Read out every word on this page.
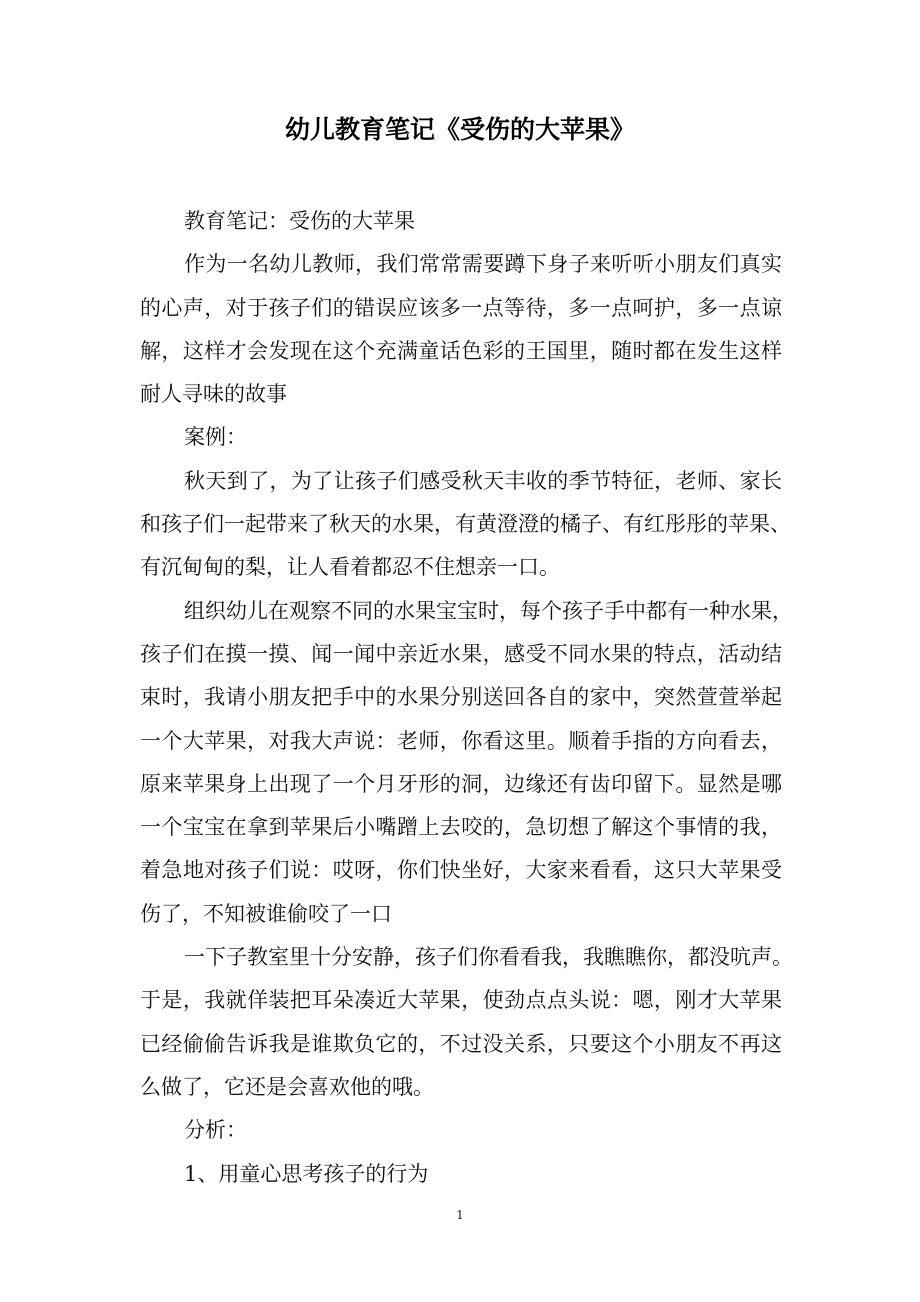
幼儿教育笔记《受伤的大苹果》
教育笔记：受伤的大苹果
作为一名幼儿教师，我们常常需要蹲下身子来听听小朋友们真实
的心声，对于孩子们的错误应该多一点等待，多一点呵护，多一点谅
解，这样才会发现在这个充满童话色彩的王国里，随时都在发生这样
耐人寻味的故事
案例：
秋天到了，为了让孩子们感受秋天丰收的季节特征，老师、家长
和孩子们一起带来了秋天的水果，有黄澄澄的橘子、有红彤彤的苹果、
有沉甸甸的梨，让人看着都忍不住想亲一口。
组织幼儿在观察不同的水果宝宝时，每个孩子手中都有一种水果，
孩子们在摸一摸、闻一闻中亲近水果，感受不同水果的特点，活动结
束时，我请小朋友把手中的水果分别送回各自的家中，突然萱萱举起
一个大苹果，对我大声说：老师，你看这里。顺着手指的方向看去，
原来苹果身上出现了一个月牙形的洞，边缘还有齿印留下。显然是哪
一个宝宝在拿到苹果后小嘴蹭上去咬的，急切想了解这个事情的我，
着急地对孩子们说：哎呀，你们快坐好，大家来看看，这只大苹果受
伤了，不知被谁偷咬了一口
一下子教室里十分安静，孩子们你看看我，我瞧瞧你，都没吭声。
于是，我就佯装把耳朵凑近大苹果，使劲点点头说：嗯，刚才大苹果
已经偷偷告诉我是谁欺负它的，不过没关系，只要这个小朋友不再这
么做了，它还是会喜欢他的哦。
分析：
1、用童心思考孩子的行为
1
